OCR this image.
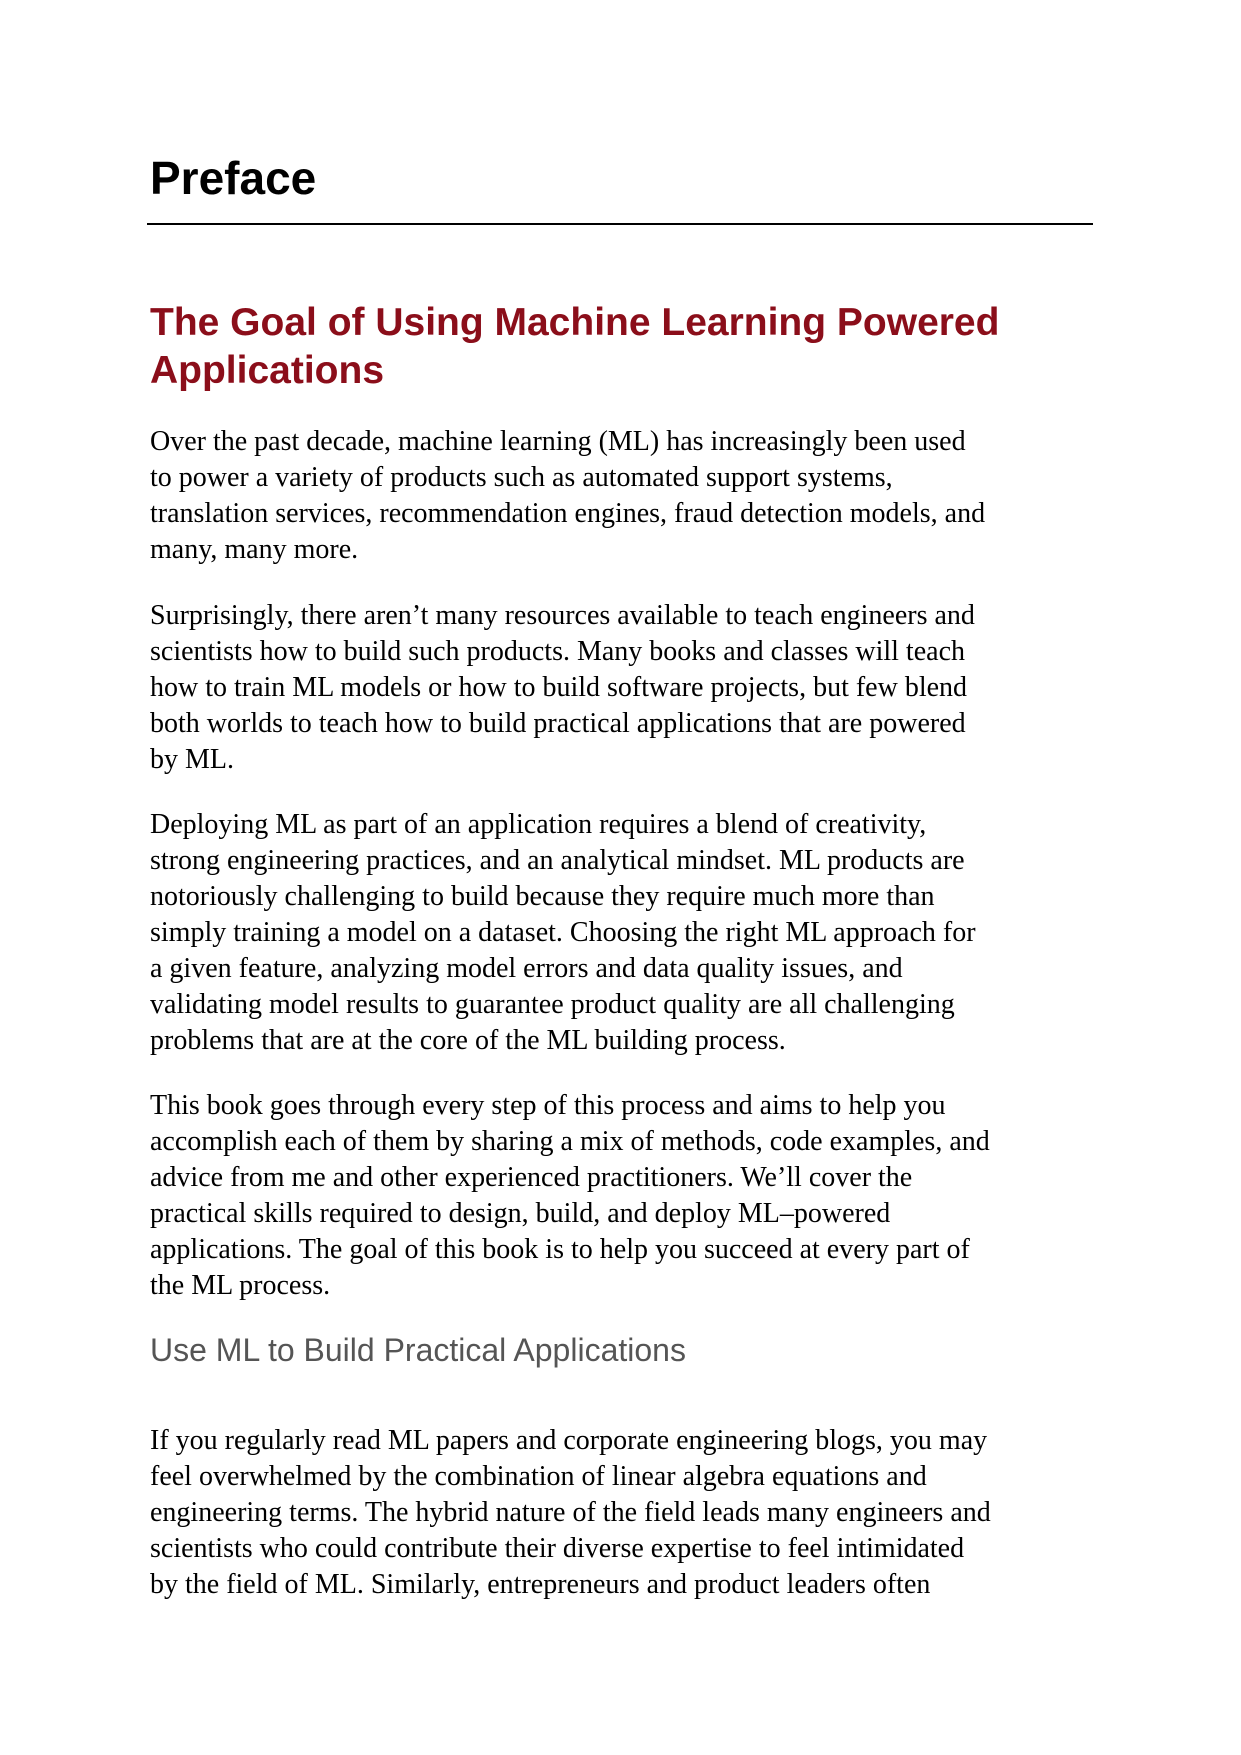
Preface
The Goal of Using Machine Learning Powered
Applications

Over the past decade, machine learning (ML) has increasingly been used
to power a variety of products such as automated support systems,
translation services, recommendation engines, fraud detection models, and
many, many more.

Surprisingly, there aren’t many resources available to teach engineers and
scientists how to build such products. Many books and classes will teach
how to train ML models or how to build software projects, but few blend
both worlds to teach how to build practical applications that are powered
by ML.

Deploying ML as part of an application requires a blend of creativity,
strong engineering practices, and an analytical mindset. ML products are
notoriously challenging to build because they require much more than
simply training a model on a dataset. Choosing the right ML approach for
a given feature, analyzing model errors and data quality issues, and
validating model results to guarantee product quality are all challenging
problems that are at the core of the ML building process.

This book goes through every step of this process and aims to help you
accomplish each of them by sharing a mix of methods, code examples, and
advice from me and other experienced practitioners. We’ll cover the
practical skills required to design, build, and deploy ML–powered
applications. The goal of this book is to help you succeed at every part of
the ML process.

Use ML to Build Practical Applications

If you regularly read ML papers and corporate engineering blogs, you may
feel overwhelmed by the combination of linear algebra equations and
engineering terms. The hybrid nature of the field leads many engineers and
scientists who could contribute their diverse expertise to feel intimidated
by the field of ML. Similarly, entrepreneurs and product leaders often
